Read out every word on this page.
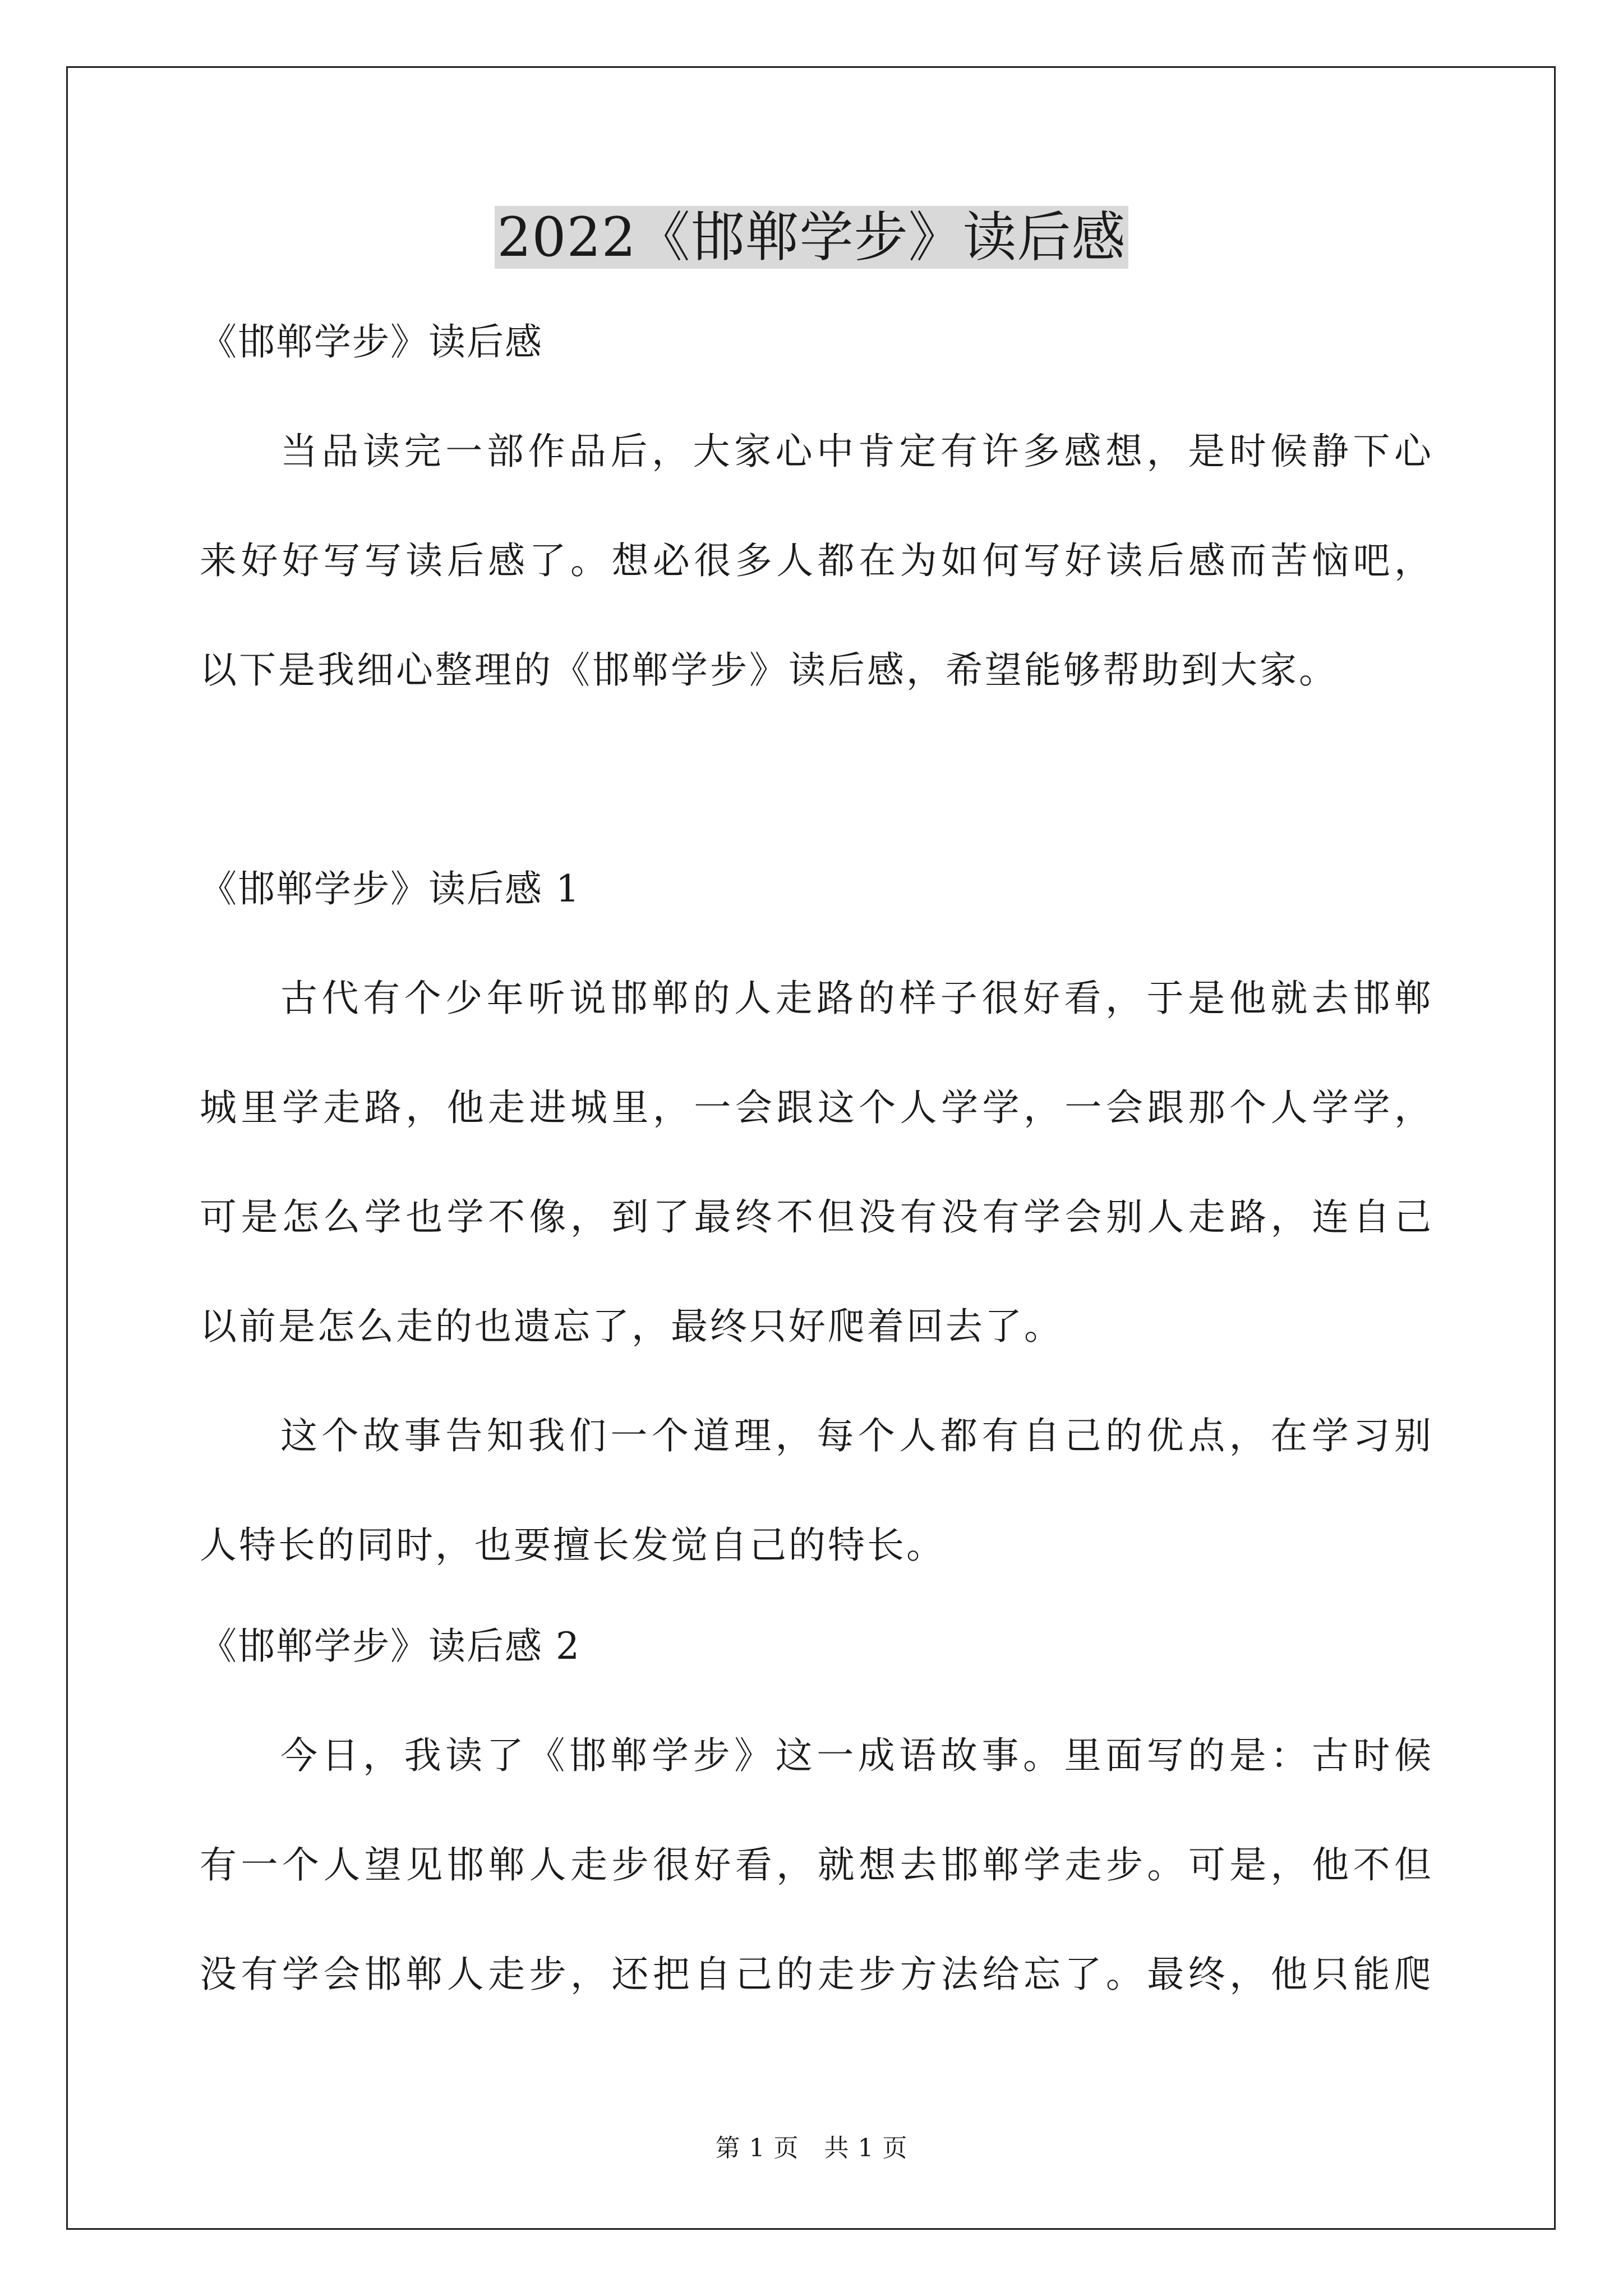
2022《邯郸学步》读后感
《邯郸学步》读后感
当品读完一部作品后，大家心中肯定有许多感想，是时候静下心
来好好写写读后感了。想必很多人都在为如何写好读后感而苦恼吧，
以下是我细心整理的《邯郸学步》读后感，希望能够帮助到大家。
《邯郸学步》读后感 1
古代有个少年听说邯郸的人走路的样子很好看，于是他就去邯郸
城里学走路，他走进城里，一会跟这个人学学，一会跟那个人学学，
可是怎么学也学不像，到了最终不但没有没有学会别人走路，连自己
以前是怎么走的也遗忘了，最终只好爬着回去了。
这个故事告知我们一个道理，每个人都有自己的优点，在学习别
人特长的同时，也要擅长发觉自己的特长。
《邯郸学步》读后感 2
今日，我读了《邯郸学步》这一成语故事。里面写的是：古时候
有一个人望见邯郸人走步很好看，就想去邯郸学走步。可是，他不但
没有学会邯郸人走步，还把自己的走步方法给忘了。最终，他只能爬
第 1 页　共 1 页
